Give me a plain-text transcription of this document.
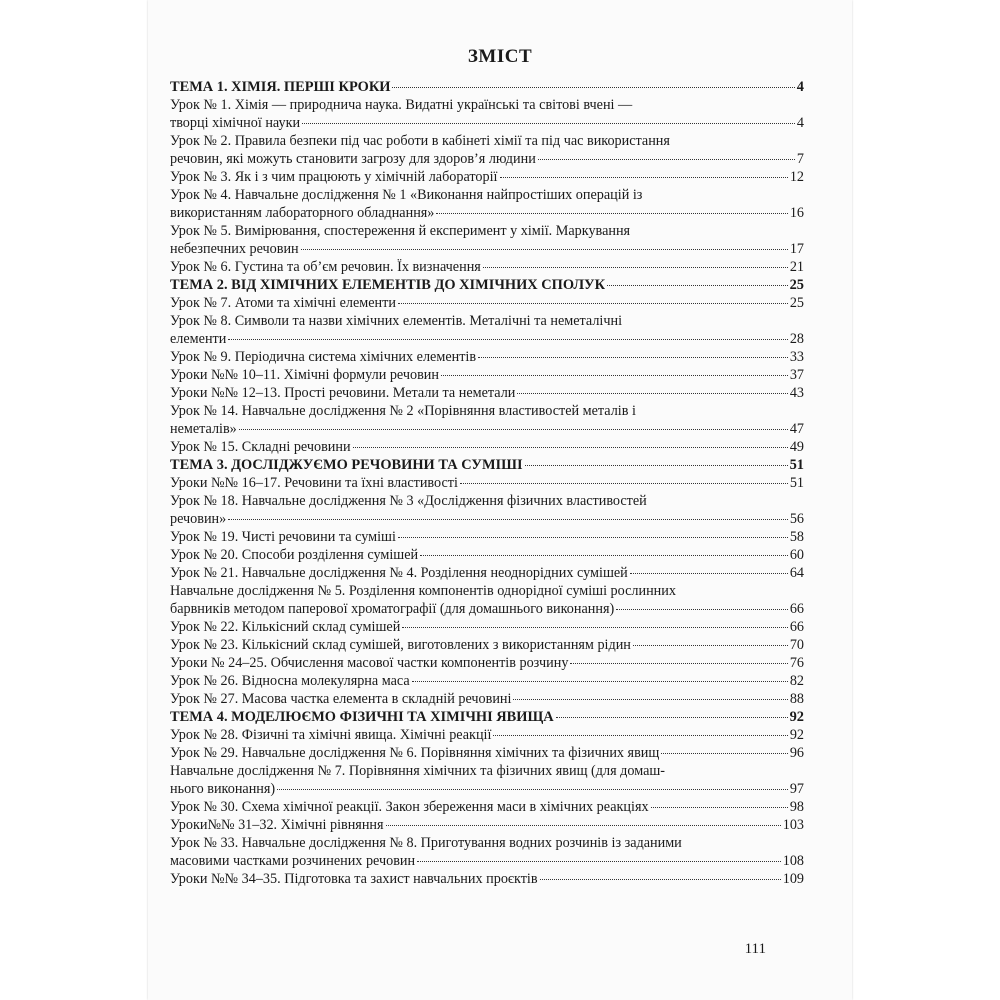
ЗМІСТ
ТЕМА 1. ХІМІЯ. ПЕРШІ КРОКИ	4
Урок № 1. Хімія — природнича наука. Видатні українські та світові вчені —
творці хімічної науки	4
Урок № 2. Правила безпеки під час роботи в кабінеті хімії та під час використання
речовин, які можуть становити загрозу для здоров’я людини	7
Урок № 3. Як і з чим працюють у хімічній лабораторії	12
Урок № 4. Навчальне дослідження № 1 «Виконання найпростіших операцій із
використанням лабораторного обладнання»	16
Урок № 5. Вимірювання, спостереження й експеримент у хімії. Маркування
небезпечних речовин	17
Урок № 6. Густина та об’єм речовин. Їх визначення	21
ТЕМА 2. ВІД ХІМІЧНИХ ЕЛЕМЕНТІВ ДО ХІМІЧНИХ СПОЛУК	25
Урок № 7. Атоми та хімічні елементи	25
Урок № 8. Символи та назви хімічних елементів. Металічні та неметалічні
елементи	28
Урок № 9. Періодична система хімічних елементів	33
Уроки №№ 10–11. Хімічні формули речовин	37
Уроки №№ 12–13. Прості речовини. Метали та неметали	43
Урок № 14. Навчальне дослідження № 2 «Порівняння властивостей металів і
неметалів»	47
Урок № 15. Складні речовини	49
ТЕМА 3. ДОСЛІДЖУЄМО РЕЧОВИНИ ТА СУМІШІ	51
Уроки №№ 16–17. Речовини та їхні властивості	51
Урок № 18. Навчальне дослідження № 3 «Дослідження фізичних властивостей
речовин»	56
Урок № 19. Чисті речовини та суміші	58
Урок № 20. Способи розділення сумішей	60
Урок № 21. Навчальне дослідження № 4. Розділення неоднорідних сумішей	64
Навчальне дослідження № 5. Розділення компонентів однорідної суміші рослинних
барвників методом паперової хроматографії (для домашнього виконання)	66
Урок № 22. Кількісний склад сумішей	66
Урок № 23. Кількісний склад сумішей, виготовлених з використанням рідин	70
Уроки № 24–25. Обчислення масової частки компонентів розчину	76
Урок № 26. Відносна молекулярна маса	82
Урок № 27. Масова частка елемента в складній речовині	88
ТЕМА 4. МОДЕЛЮЄМО ФІЗИЧНІ ТА ХІМІЧНІ ЯВИЩА	92
Урок № 28. Фізичні та хімічні явища. Хімічні реакції	92
Урок № 29. Навчальне дослідження № 6. Порівняння хімічних та фізичних явищ	96
Навчальне дослідження № 7. Порівняння хімічних та фізичних явищ (для домаш-
нього виконання)	97
Урок № 30. Схема хімічної реакції. Закон збереження маси в хімічних реакціях	98
Уроки№№ 31–32. Хімічні рівняння	103
Урок № 33. Навчальне дослідження № 8. Приготування водних розчинів із заданими
масовими частками розчинених речовин	108
Уроки №№ 34–35. Підготовка та захист навчальних проєктів	109
111
